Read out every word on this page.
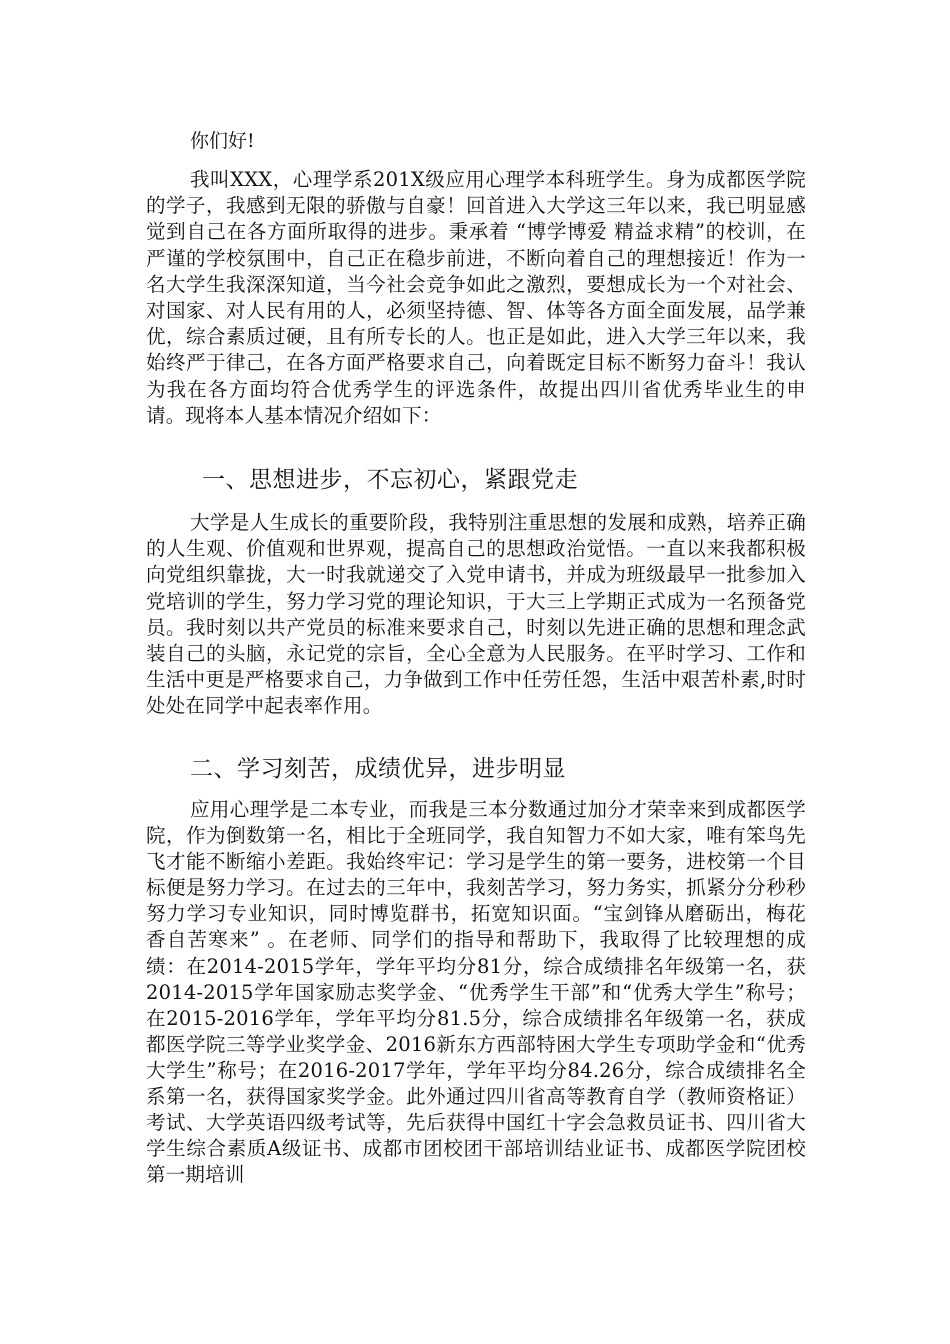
你们好!

我叫XXX，心理学系201X级应用心理学本科班学生。身为成都医学院的学子，我感到无限的骄傲与自豪！回首进入大学这三年以来，我已明显感觉到自己在各方面所取得的进步。秉承着 “博学博爱 精益求精”的校训，在严谨的学校氛围中，自己正在稳步前进，不断向着自己的理想接近！作为一名大学生我深深知道，当今社会竞争如此之激烈，要想成长为一个对社会、对国家、对人民有用的人，必须坚持德、智、体等各方面全面发展，品学兼优，综合素质过硬，且有所专长的人。也正是如此，进入大学三年以来，我始终严于律己，在各方面严格要求自己，向着既定目标不断努力奋斗！我认为我在各方面均符合优秀学生的评选条件，故提出四川省优秀毕业生的申请。现将本人基本情况介绍如下：

一、思想进步，不忘初心，紧跟党走

大学是人生成长的重要阶段，我特别注重思想的发展和成熟，培养正确的人生观、价值观和世界观，提高自己的思想政治觉悟。一直以来我都积极向党组织靠拢，大一时我就递交了入党申请书，并成为班级最早一批参加入党培训的学生，努力学习党的理论知识，于大三上学期正式成为一名预备党员。我时刻以共产党员的标准来要求自己，时刻以先进正确的思想和理念武装自己的头脑，永记党的宗旨，全心全意为人民服务。在平时学习、工作和生活中更是严格要求自己，力争做到工作中任劳任怨，生活中艰苦朴素,时时处处在同学中起表率作用。

二、学习刻苦，成绩优异，进步明显

应用心理学是二本专业，而我是三本分数通过加分才荣幸来到成都医学院，作为倒数第一名，相比于全班同学，我自知智力不如大家，唯有笨鸟先飞才能不断缩小差距。我始终牢记：学习是学生的第一要务，进校第一个目标便是努力学习。在过去的三年中，我刻苦学习，努力务实，抓紧分分秒秒努力学习专业知识，同时博览群书，拓宽知识面。“宝剑锋从磨砺出，梅花香自苦寒来” 。在老师、同学们的指导和帮助下，我取得了比较理想的成绩：在2014-2015学年，学年平均分81分，综合成绩排名年级第一名，获2014-2015学年国家励志奖学金、“优秀学生干部”和“优秀大学生”称号；在2015-2016学年，学年平均分81.5分，综合成绩排名年级第一名，获成都医学院三等学业奖学金、2016新东方西部特困大学生专项助学金和“优秀大学生”称号；在2016-2017学年，学年平均分84.26分，综合成绩排名全系第一名，获得国家奖学金。此外通过四川省高等教育自学（教师资格证）考试、大学英语四级考试等，先后获得中国红十字会急救员证书、四川省大学生综合素质A级证书、成都市团校团干部培训结业证书、成都医学院团校第一期培训
